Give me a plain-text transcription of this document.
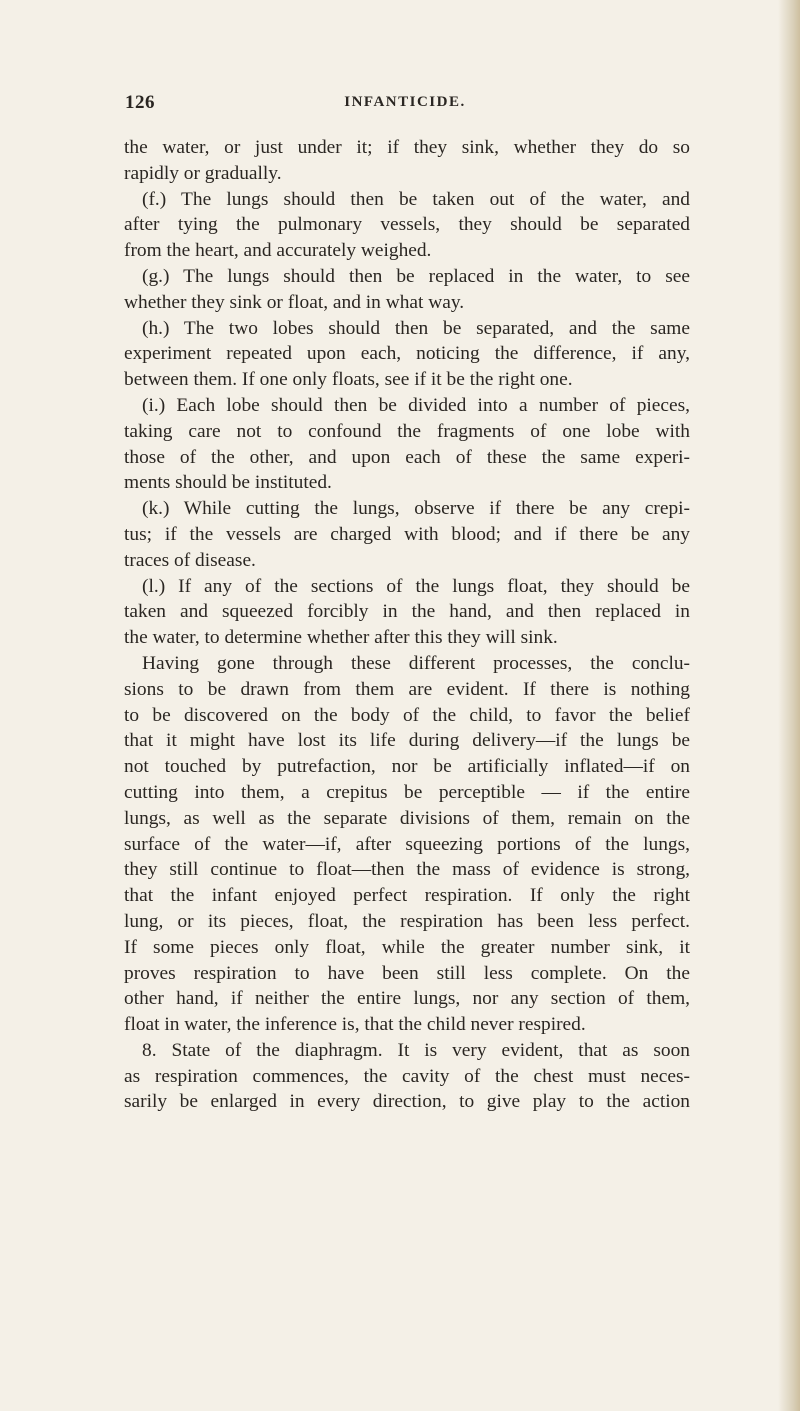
126	INFANTICIDE.
the water, or just under it; if they sink, whether they do so
rapidly or gradually.
(f.) The lungs should then be taken out of the water, and
after tying the pulmonary vessels, they should be separated
from the heart, and accurately weighed.
(g.) The lungs should then be replaced in the water, to see
whether they sink or float, and in what way.
(h.) The two lobes should then be separated, and the same
experiment repeated upon each, noticing the difference, if any,
between them. If one only floats, see if it be the right one.
(i.) Each lobe should then be divided into a number of pieces,
taking care not to confound the fragments of one lobe with
those of the other, and upon each of these the same experi-
ments should be instituted.
(k.) While cutting the lungs, observe if there be any crepi-
tus; if the vessels are charged with blood; and if there be any
traces of disease.
(l.) If any of the sections of the lungs float, they should be
taken and squeezed forcibly in the hand, and then replaced in
the water, to determine whether after this they will sink.
Having gone through these different processes, the conclu-
sions to be drawn from them are evident. If there is nothing
to be discovered on the body of the child, to favor the belief
that it might have lost its life during delivery—if the lungs be
not touched by putrefaction, nor be artificially inflated—if on
cutting into them, a crepitus be perceptible — if the entire
lungs, as well as the separate divisions of them, remain on the
surface of the water—if, after squeezing portions of the lungs,
they still continue to float—then the mass of evidence is strong,
that the infant enjoyed perfect respiration. If only the right
lung, or its pieces, float, the respiration has been less perfect.
If some pieces only float, while the greater number sink, it
proves respiration to have been still less complete. On the
other hand, if neither the entire lungs, nor any section of them,
float in water, the inference is, that the child never respired.
8. State of the diaphragm. It is very evident, that as soon
as respiration commences, the cavity of the chest must neces-
sarily be enlarged in every direction, to give play to the action
